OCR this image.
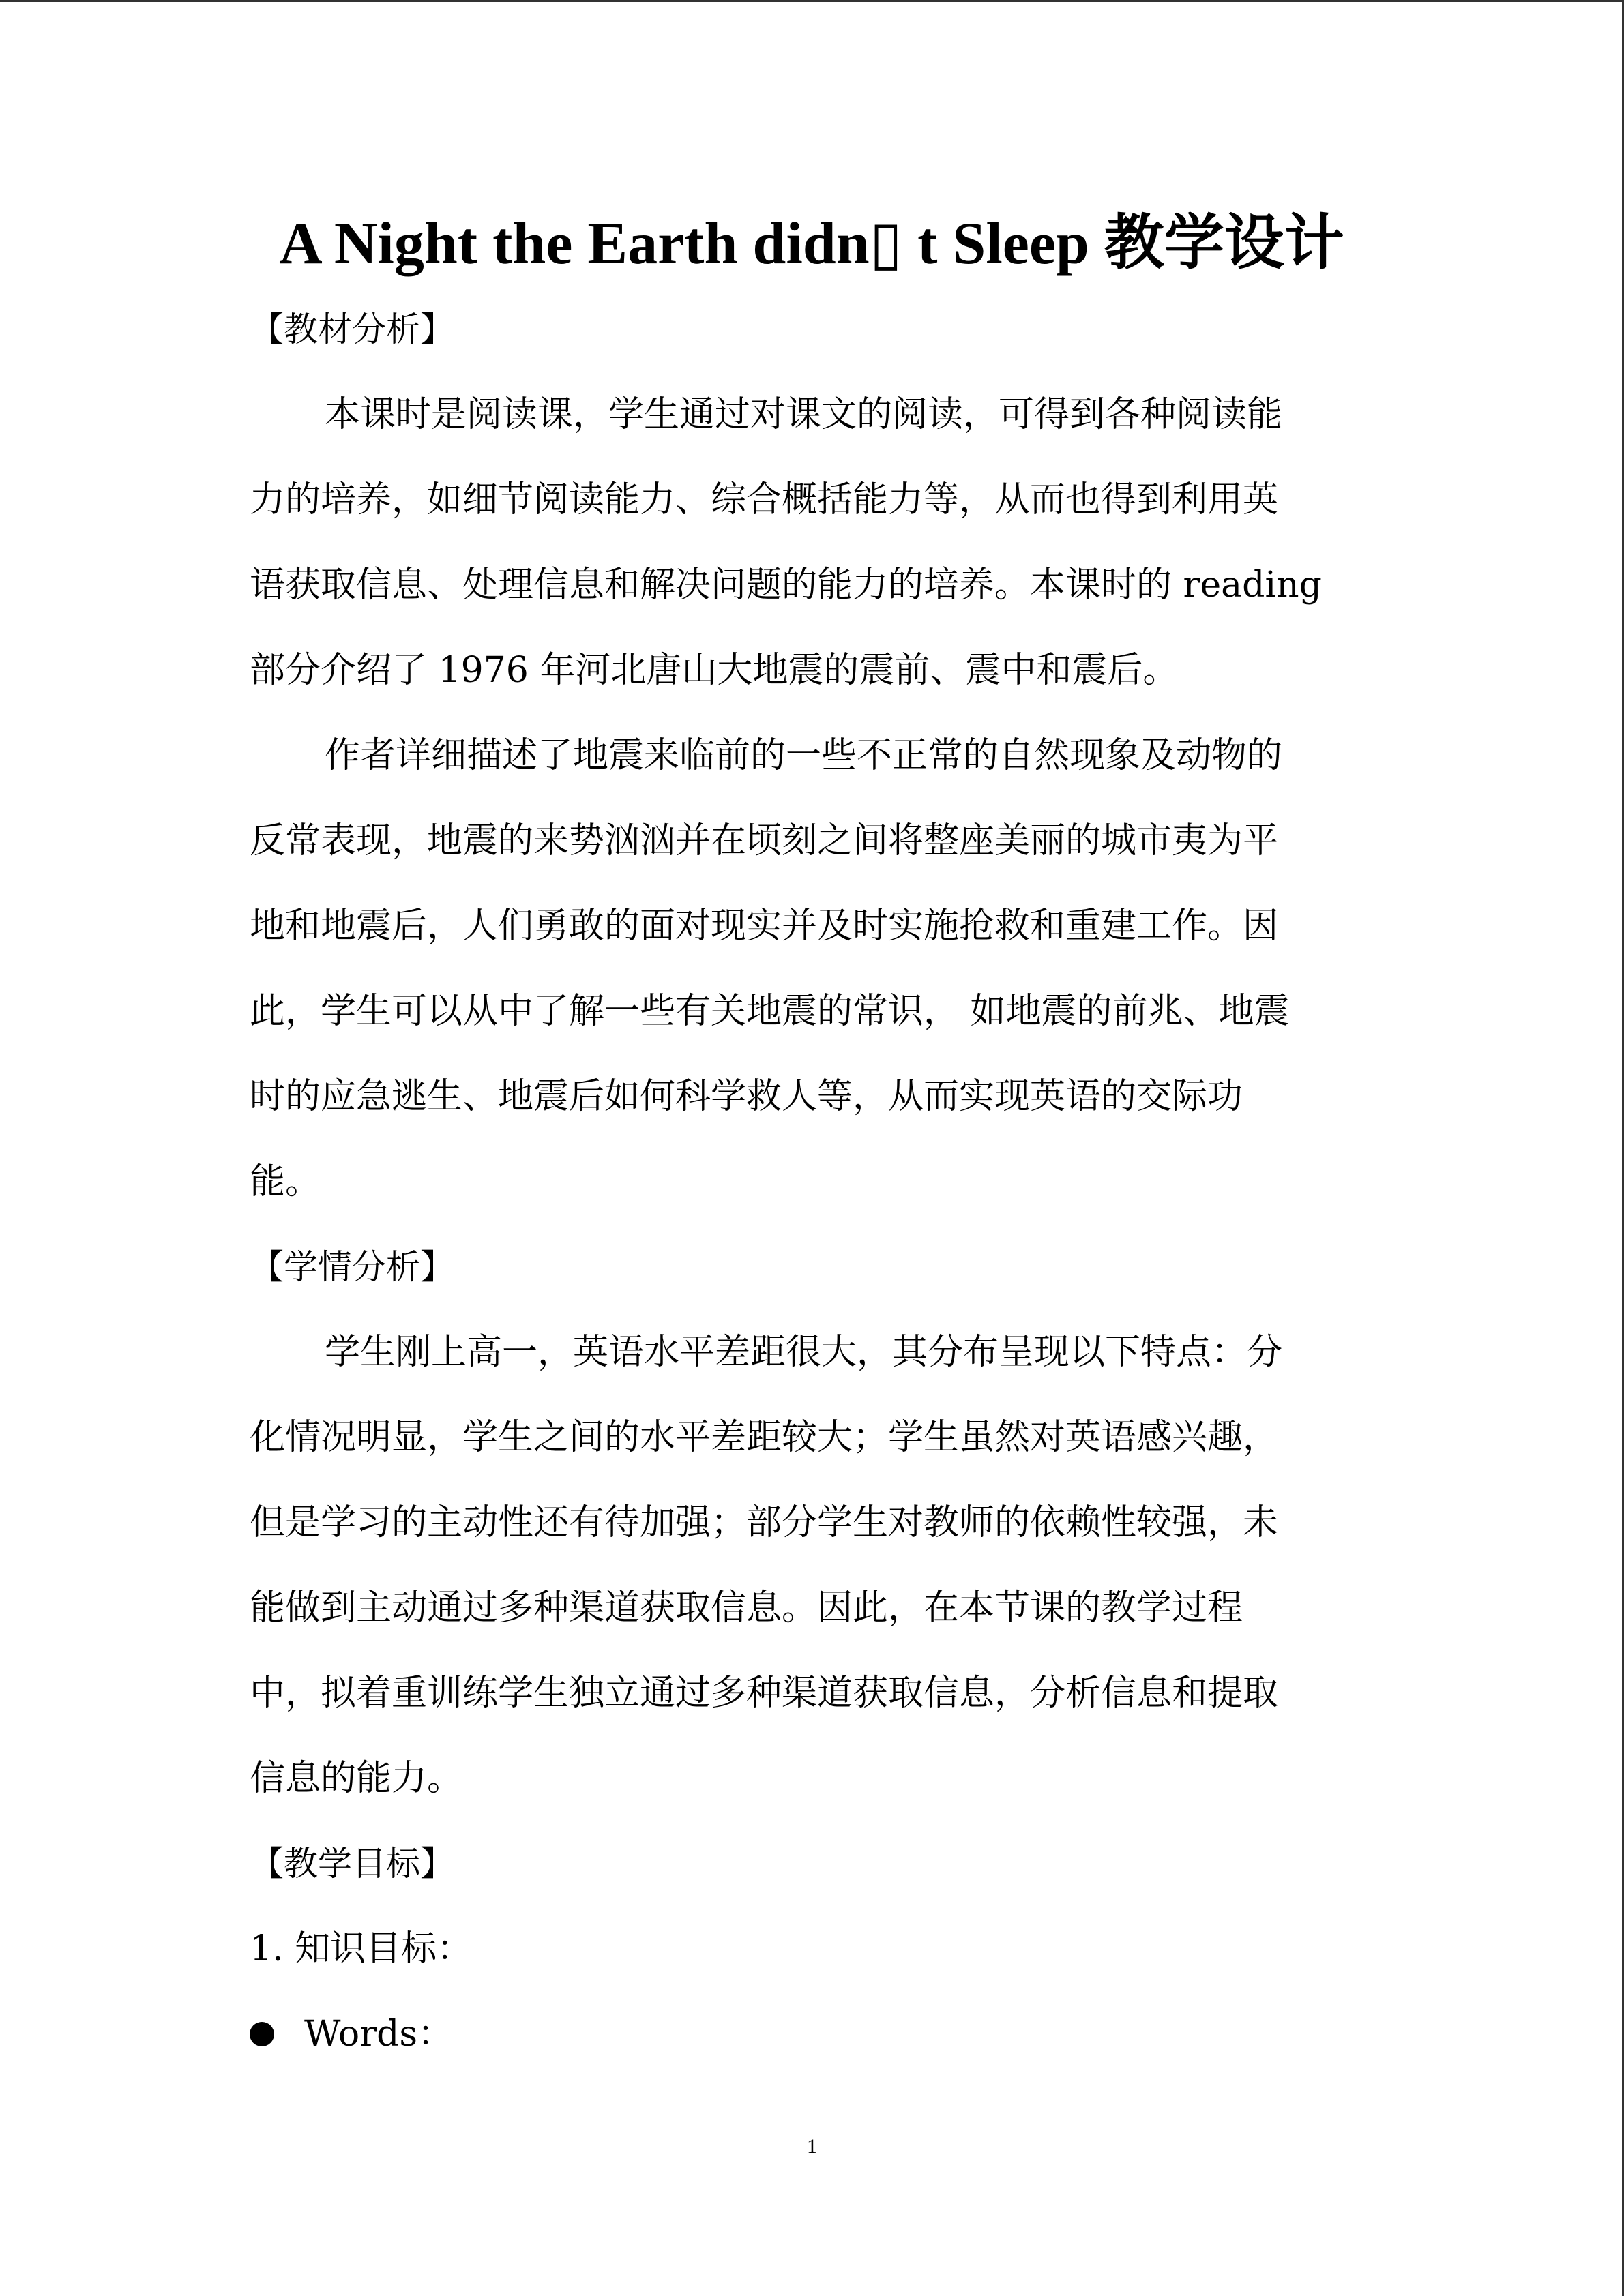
A Night the Earth didn▯ t Sleep 教学设计
【教材分析】
本课时是阅读课，学生通过对课文的阅读，可得到各种阅读能
力的培养，如细节阅读能力、综合概括能力等，从而也得到利用英
语获取信息、处理信息和解决问题的能力的培养。本课时的 reading
部分介绍了 1976 年河北唐山大地震的震前、震中和震后。
作者详细描述了地震来临前的一些不正常的自然现象及动物的
反常表现，地震的来势汹汹并在顷刻之间将整座美丽的城市夷为平
地和地震后，人们勇敢的面对现实并及时实施抢救和重建工作。因
此，学生可以从中了解一些有关地震的常识， 如地震的前兆、地震
时的应急逃生、地震后如何科学救人等，从而实现英语的交际功
能。
【学情分析】
学生刚上高一，英语水平差距很大，其分布呈现以下特点：分
化情况明显，学生之间的水平差距较大；学生虽然对英语感兴趣，
但是学习的主动性还有待加强；部分学生对教师的依赖性较强，未
能做到主动通过多种渠道获取信息。因此，在本节课的教学过程
中，拟着重训练学生独立通过多种渠道获取信息，分析信息和提取
信息的能力。
【教学目标】
1. 知识目标：
Words：
1
